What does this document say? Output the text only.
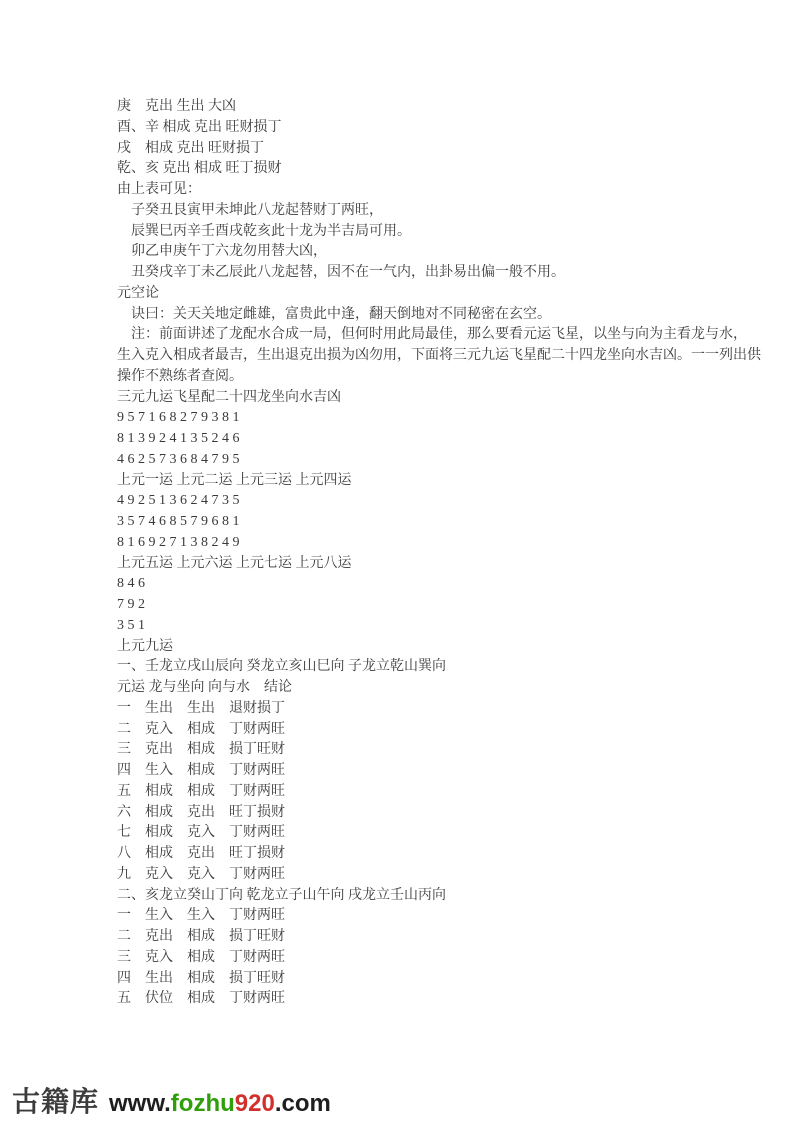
庚　克出 生出 大凶
酉、辛 相成 克出 旺财损丁
戌　相成 克出 旺财损丁
乾、亥 克出 相成 旺丁损财
由上表可见：
　子癸丑艮寅甲未坤此八龙起替财丁两旺，
　辰巽巳丙辛壬酉戌乾亥此十龙为半吉局可用。
　卯乙申庚午丁六龙勿用替大凶，
　丑癸戌辛丁未乙辰此八龙起替，因不在一气内，出卦易出偏一般不用。
元空论
　诀曰：关天关地定雌雄，富贵此中逢，翻天倒地对不同秘密在玄空。
　注：前面讲述了龙配水合成一局，但何时用此局最佳，那么要看元运飞星，以坐与向为主看龙与水，
生入克入相成者最吉，生出退克出损为凶勿用，下面将三元九运飞星配二十四龙坐向水吉凶。一一列出供
操作不熟练者查阅。
三元九运飞星配二十四龙坐向水吉凶
9 5 7 1 6 8 2 7 9 3 8 1
8 1 3 9 2 4 1 3 5 2 4 6
4 6 2 5 7 3 6 8 4 7 9 5
上元一运 上元二运 上元三运 上元四运
4 9 2 5 1 3 6 2 4 7 3 5
3 5 7 4 6 8 5 7 9 6 8 1
8 1 6 9 2 7 1 3 8 2 4 9
上元五运 上元六运 上元七运 上元八运
8 4 6
7 9 2
3 5 1
上元九运
一、壬龙立戌山辰向 癸龙立亥山巳向 子龙立乾山巽向
元运 龙与坐向 向与水　结论
一　生出　生出　退财损丁
二　克入　相成　丁财两旺
三　克出　相成　损丁旺财
四　生入　相成　丁财两旺
五　相成　相成　丁财两旺
六　相成　克出　旺丁损财
七　相成　克入　丁财两旺
八　相成　克出　旺丁损财
九　克入　克入　丁财两旺
二、亥龙立癸山丁向 乾龙立子山午向 戌龙立壬山丙向
一　生入　生入　丁财两旺
二　克出　相成　损丁旺财
三　克入　相成　丁财两旺
四　生出　相成　损丁旺财
五　伏位　相成　丁财两旺
古籍库 www.fozhu920.com
